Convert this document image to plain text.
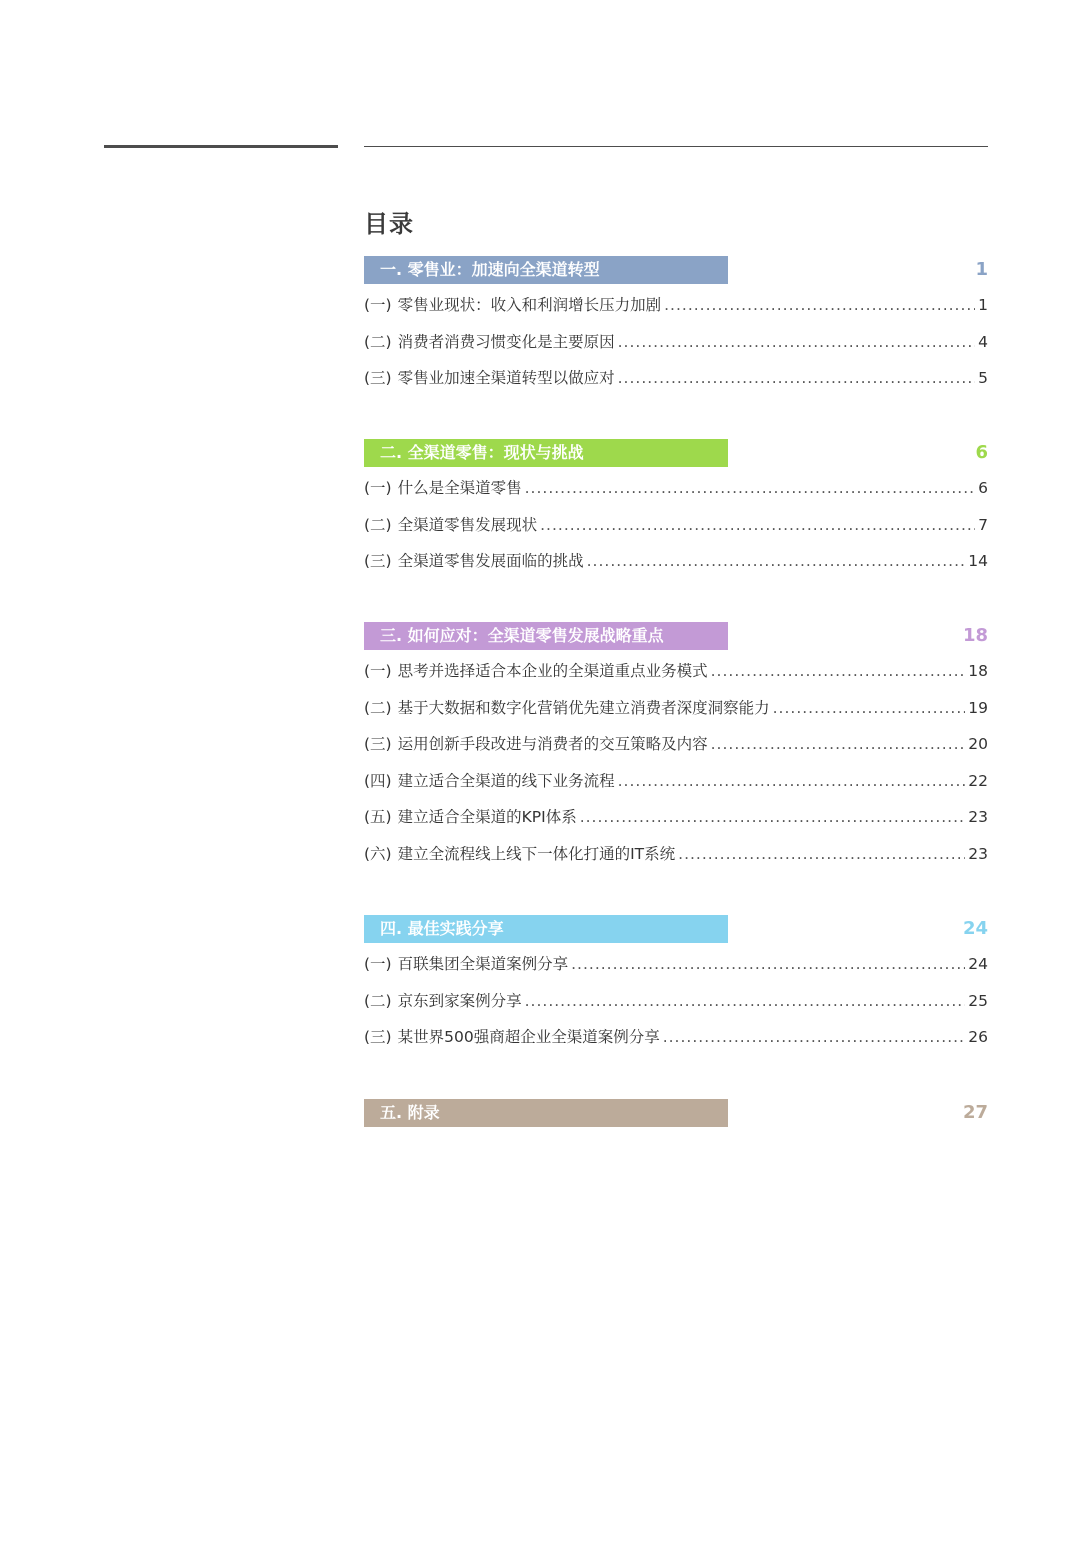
目录
一. 零售业：加速向全渠道转型	1
(一) 零售业现状：收入和利润增长压力加剧 .....	1
(二) 消费者消费习惯变化是主要原因 .....	4
(三) 零售业加速全渠道转型以做应对 .....	5
二. 全渠道零售：现状与挑战	6
(一) 什么是全渠道零售 .....	6
(二) 全渠道零售发展现状 .....	7
(三) 全渠道零售发展面临的挑战 .....	14
三. 如何应对：全渠道零售发展战略重点	18
(一) 思考并选择适合本企业的全渠道重点业务模式 .....	18
(二) 基于大数据和数字化营销优先建立消费者深度洞察能力 .....	19
(三) 运用创新手段改进与消费者的交互策略及内容 .....	20
(四) 建立适合全渠道的线下业务流程 .....	22
(五) 建立适合全渠道的KPI体系 .....	23
(六) 建立全流程线上线下一体化打通的IT系统 .....	23
四. 最佳实践分享	24
(一) 百联集团全渠道案例分享 .....	24
(二) 京东到家案例分享 .....	25
(三) 某世界500强商超企业全渠道案例分享 .....	26
五. 附录	27
